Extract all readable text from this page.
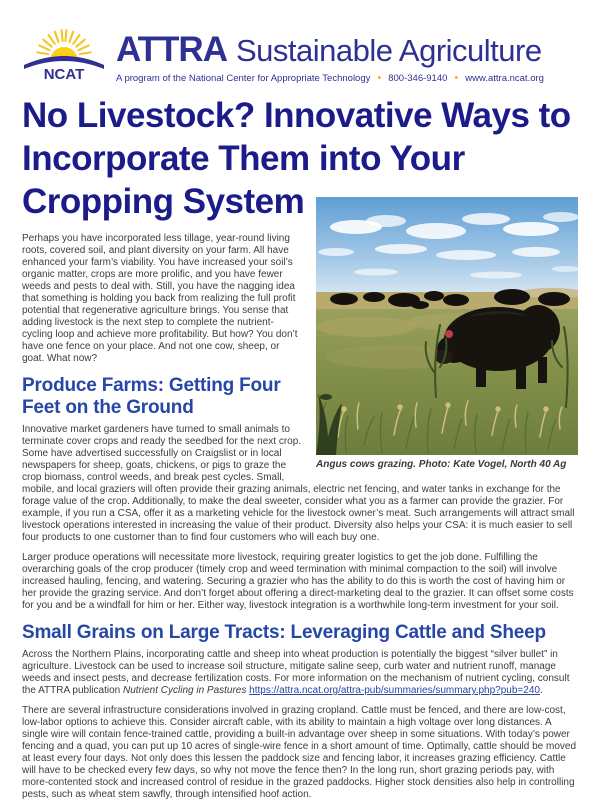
NCAT
ATTRA Sustainable Agriculture
A program of the National Center for Appropriate Technology • 800-346-9140 • www.attra.ncat.org
No Livestock? Innovative Ways to Incorporate Them into Your Cropping System
Angus cows grazing. Photo: Kate Vogel, North 40 Ag

Perhaps you have incorporated less tillage, year-round living roots, covered soil, and plant diversity on your farm. All have enhanced your farm’s viability. You have increased your soil’s organic matter, crops are more prolific, and you have fewer weeds and pests to deal with. Still, you have the nagging idea that something is holding you back from realizing the full profit potential that regenerative agriculture brings. You sense that adding livestock is the next step to complete the nutrient-cycling loop and achieve more profitability. But how? You don’t have one fence on your place. And not one cow, sheep, or goat. What now?

Produce Farms: Getting Four Feet on the Ground

Innovative market gardeners have turned to small animals to terminate cover crops and ready the seedbed for the next crop. Some have advertised successfully on Craigslist or in local newspapers for sheep, goats, chickens, or pigs to graze the crop biomass, control weeds, and break pest cycles. Small, mobile, and local graziers will often provide their grazing animals, electric net fencing, and water tanks in exchange for the forage value of the crop. Additionally, to make the deal sweeter, consider what you as a farmer can provide the grazier. For example, if you run a CSA, offer it as a marketing vehicle for the livestock owner’s meat. Such arrangements will attract small livestock operations interested in increasing the value of their product. Diversity also helps your CSA: it is much easier to sell four products to one customer than to find four customers who will each buy one.

Larger produce operations will necessitate more livestock, requiring greater logistics to get the job done. Fulfilling the overarching goals of the crop producer (timely crop and weed termination with minimal compaction to the soil) will involve increased hauling, fencing, and watering. Securing a grazier who has the ability to do this is worth the cost of having him or her provide the grazing service. And don’t forget about offering a direct-marketing deal to the grazier. It can offset some costs for you and be a windfall for him or her. Either way, livestock integration is a worthwhile long-term investment for your soil.

Small Grains on Large Tracts: Leveraging Cattle and Sheep

Across the Northern Plains, incorporating cattle and sheep into wheat production is potentially the biggest “silver bullet” in agriculture. Livestock can be used to increase soil structure, mitigate saline seep, curb water and nutrient runoff, manage weeds and insect pests, and decrease fertilization costs. For more information on the mechanism of nutrient cycling, consult the ATTRA publication Nutrient Cycling in Pastures https://attra.ncat.org/attra-pub/summaries/summary.php?pub=240.

There are several infrastructure considerations involved in grazing cropland. Cattle must be fenced, and there are low-cost, low-labor options to achieve this. Consider aircraft cable, with its ability to maintain a high voltage over long distances. A single wire will contain fence-trained cattle, providing a built-in advantage over sheep in some situations. With today’s power fencing and a quad, you can put up 10 acres of single-wire fence in a short amount of time. Optimally, cattle should be moved at least every four days. Not only does this lessen the paddock size and fencing labor, it increases grazing efficiency. Cattle will have to be checked every few days, so why not move the fence then? In the long run, short grazing periods pay, with more-contented stock and increased control of residue in the grazed paddocks. Higher stock densities also help in controlling pests, such as wheat stem sawfly, through intensified hoof action.
